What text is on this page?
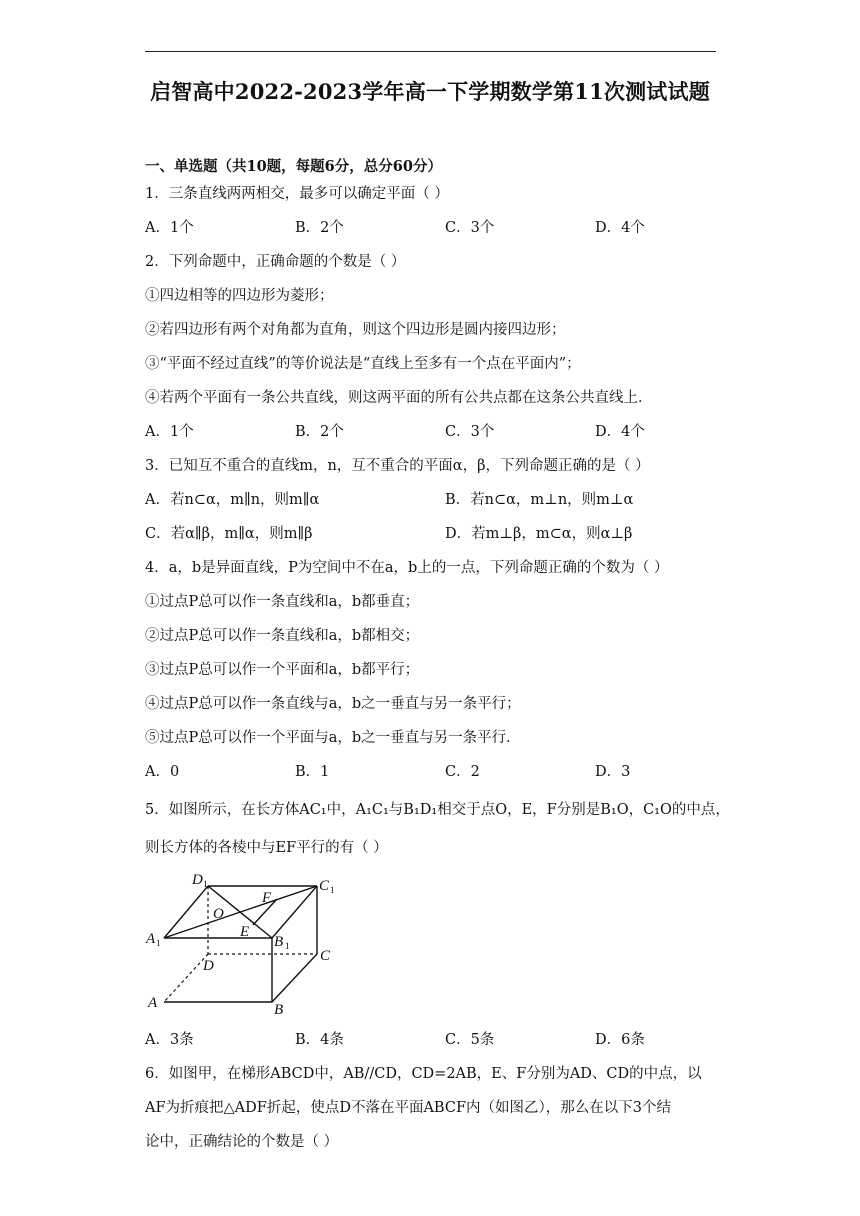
启智高中2022-2023学年高一下学期数学第11次测试试题
一、单选题（共10题，每题6分，总分60分）
1．三条直线两两相交，最多可以确定平面（ ）
A．1个	B．2个	C．3个	D．4个
2．下列命题中，正确命题的个数是（ ）
①四边相等的四边形为菱形；
②若四边形有两个对角都为直角，则这个四边形是圆内接四边形；
③“平面不经过直线”的等价说法是“直线上至多有一个点在平面内”；
④若两个平面有一条公共直线，则这两平面的所有公共点都在这条公共直线上．
A．1个	B．2个	C．3个	D．4个
3．已知互不重合的直线m，n，互不重合的平面α，β，下列命题正确的是（ ）
A．若n⊂α，m∥n，则m∥α	B．若n⊂α，m⊥n，则m⊥α
C．若α∥β，m∥α，则m∥β	D．若m⊥β，m⊂α，则α⊥β
4．a，b是异面直线，P为空间中不在a，b上的一点，下列命题正确的个数为（ ）
①过点P总可以作一条直线和a，b都垂直；
②过点P总可以作一条直线和a，b都相交；
③过点P总可以作一个平面和a，b都平行；
④过点P总可以作一条直线与a，b之一垂直与另一条平行；
⑤过点P总可以作一个平面与a，b之一垂直与另一条平行．
A．0	B．1	C．2	D．3
5．如图所示，在长方体AC₁中，A₁C₁与B₁D₁相交于点O，E，F分别是B₁O，C₁O的中点，
则长方体的各棱中与EF平行的有（ ）
D 1	C 1
A 1	B 1
O
E
F
D
C
A	B
A．3条	B．4条	C．5条	D．6条
6．如图甲，在梯形ABCD中，AB//CD，CD=2AB，E、F分别为AD、CD的中点，以
AF为折痕把△ADF折起，使点D不落在平面ABCF内（如图乙），那么在以下3个结
论中，正确结论的个数是（ ）
